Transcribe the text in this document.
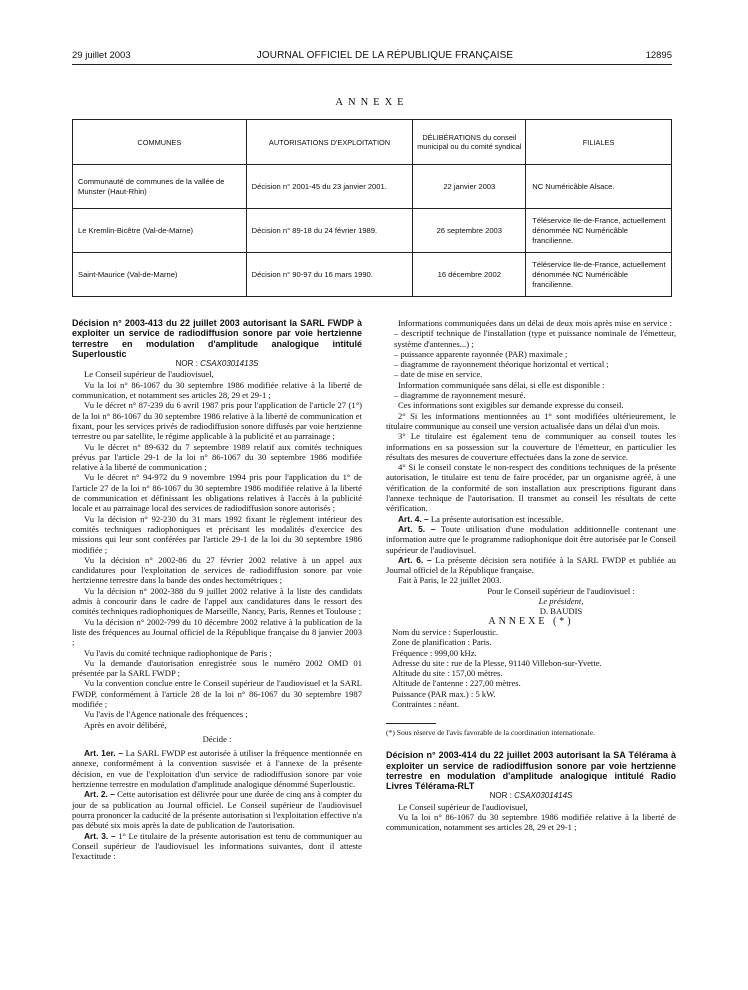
29 juillet 2003	JOURNAL OFFICIEL DE LA RÉPUBLIQUE FRANÇAISE	12895
ANNEXE
COMMUNES	AUTORISATIONS D'EXPLOITATION	DÉLIBÉRATIONS du conseil municipal ou du comité syndical	FILIALES
Communauté de communes de la vallée de Munster (Haut-Rhin)	Décision n° 2001-45 du 23 janvier 2001.	22 janvier 2003	NC Numéricâble Alsace.
Le Kremlin-Bicêtre (Val-de-Marne)	Décision n° 89-18 du 24 février 1989.	26 septembre 2003	Téléservice Ile-de-France, actuellement dénommée NC Numéricâble francilienne.
Saint-Maurice (Val-de-Marne)	Décision n° 90-97 du 16 mars 1990.	16 décembre 2002	Téléservice Ile-de-France, actuellement dénommée NC Numéricâble francilienne.

Décision n° 2003-413 du 22 juillet 2003 autorisant la SARL FWDP à exploiter un service de radiodiffusion sonore par voie hertzienne terrestre en modulation d'amplitude analogique intitulé Superloustic

NOR : CSAX0301413S

Le Conseil supérieur de l'audiovisuel,

Vu la loi n° 86-1067 du 30 septembre 1986 modifiée relative à la liberté de communication, et notamment ses articles 28, 29 et 29-1 ;

Vu le décret n° 87-239 du 6 avril 1987 pris pour l'application de l'article 27 (1°) de la loi n° 86-1067 du 30 septembre 1986 relative à la liberté de communication et fixant, pour les services privés de radiodiffusion sonore diffusés par voie hertzienne terrestre ou par satellite, le régime applicable à la publicité et au parrainage ;

Vu le décret n° 89-632 du 7 septembre 1989 relatif aux comités techniques prévus par l'article 29-1 de la loi n° 86-1067 du 30 septembre 1986 modifiée relative à la liberté de communication ;

Vu le décret n° 94-972 du 9 novembre 1994 pris pour l'application du 1° de l'article 27 de la loi n° 86-1067 du 30 septembre 1986 modifiée relative à la liberté de communication et définissant les obligations relatives à l'accès à la publicité locale et au parrainage local des services de radiodiffusion sonore autorisés ;

Vu la décision n° 92-230 du 31 mars 1992 fixant le règlement intérieur des comités techniques radiophoniques et précisant les modalités d'exercice des missions qui leur sont conférées par l'article 29-1 de la loi du 30 septembre 1986 modifiée ;

Vu la décision n° 2002-86 du 27 février 2002 relative à un appel aux candidatures pour l'exploitation de services de radiodiffusion sonore par voie hertzienne terrestre dans la bande des ondes hectométriques ;

Vu la décision n° 2002-388 du 9 juillet 2002 relative à la liste des candidats admis à concourir dans le cadre de l'appel aux candidatures dans le ressort des comités techniques radiophoniques de Marseille, Nancy, Paris, Rennes et Toulouse ;

Vu la décision n° 2002-799 du 10 décembre 2002 relative à la publication de la liste des fréquences au Journal officiel de la République française du 8 janvier 2003 ;

Vu l'avis du comité technique radiophonique de Paris ;

Vu la demande d'autorisation enregistrée sous le numéro 2002 OMD 01 présentée par la SARL FWDP ;

Vu la convention conclue entre le Conseil supérieur de l'audiovisuel et la SARL FWDP, conformément à l'article 28 de la loi n° 86-1067 du 30 septembre 1987 modifiée ;

Vu l'avis de l'Agence nationale des fréquences ;

Après en avoir délibéré,

Décide :

Art. 1er. – La SARL FWDP est autorisée à utiliser la fréquence mentionnée en annexe, conformément à la convention susvisée et à l'annexe de la présente décision, en vue de l'exploitation d'un service de radiodiffusion sonore par voie hertzienne terrestre en modulation d'amplitude analogique dénommé Superloustic.

Art. 2. – Cette autorisation est délivrée pour une durée de cinq ans à compter du jour de sa publication au Journal officiel. Le Conseil supérieur de l'audiovisuel pourra prononcer la caducité de la présente autorisation si l'exploitation effective n'a pas débuté six mois après la date de publication de l'autorisation.

Art. 3. – 1° Le titulaire de la présente autorisation est tenu de communiquer au Conseil supérieur de l'audiovisuel les informations suivantes, dont il atteste l'exactitude :

Informations communiquées dans un délai de deux mois après mise en service :

– descriptif technique de l'installation (type et puissance nominale de l'émetteur, système d'antennes...) ;

– puissance apparente rayonnée (PAR) maximale ;

– diagramme de rayonnement théorique horizontal et vertical ;

– date de mise en service.

Information communiquée sans délai, si elle est disponible :

– diagramme de rayonnement mesuré.

Ces informations sont exigibles sur demande expresse du conseil.

2° Si les informations mentionnées au 1° sont modifiées ultérieurement, le titulaire communique au conseil une version actualisée dans un délai d'un mois.

3° Le titulaire est également tenu de communiquer au conseil toutes les informations en sa possession sur la couverture de l'émetteur, en particulier les résultats des mesures de couverture effectuées dans la zone de service.

4° Si le conseil constate le non-respect des conditions techniques de la présente autorisation, le titulaire est tenu de faire procéder, par un organisme agréé, à une vérification de la conformité de son installation aux prescriptions figurant dans l'annexe technique de l'autorisation. Il transmet au conseil les résultats de cette vérification.

Art. 4. – La présente autorisation est incessible.

Art. 5. – Toute utilisation d'une modulation additionnelle contenant une information autre que le programme radiophonique doit être autorisée par le Conseil supérieur de l'audiovisuel.

Art. 6. – La présente décision sera notifiée à la SARL FWDP et publiée au Journal officiel de la République française.

Fait à Paris, le 22 juillet 2003.

Pour le Conseil supérieur de l'audiovisuel :

Le président,

D. BAUDIS

ANNEXE (*)

Nom du service : Superloustic.

Zone de planification : Paris.

Fréquence : 999,00 kHz.

Adresse du site : rue de la Plesse, 91140 Villebon-sur-Yvette.

Altitude du site : 157,00 mètres.

Altitude de l'antenne : 227,00 mètres.

Puissance (PAR max.) : 5 kW.

Contraintes : néant.

(*) Sous réserve de l'avis favorable de la coordination internationale.

Décision n° 2003-414 du 22 juillet 2003 autorisant la SA Télérama à exploiter un service de radiodiffusion sonore par voie hertzienne terrestre en modulation d'amplitude analogique intitulé Radio Livres Télérama-RLT

NOR : CSAX0301414S

Le Conseil supérieur de l'audiovisuel,

Vu la loi n° 86-1067 du 30 septembre 1986 modifiée relative à la liberté de communication, notamment ses articles 28, 29 et 29-1 ;
